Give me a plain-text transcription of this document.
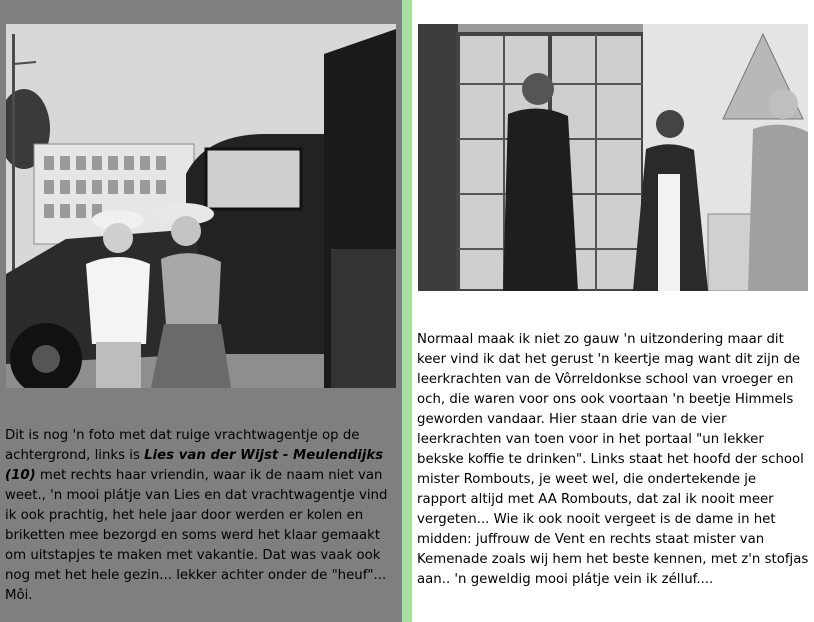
Dit is nog 'n foto met dat ruige vrachtwagentje op de achtergrond, links is Lies van der Wijst - Meulendijks (10) met rechts haar vriendin, waar ik de naam niet van weet., 'n mooi plátje van Lies en dat vrachtwagentje vind ik ook prachtig, het hele jaar door werden er kolen en briketten mee bezorgd en soms werd het klaar gemaakt om uitstapjes te maken met vakantie. Dat was vaak ook nog met het hele gezin... lekker achter onder de "heuf"... Môi.
Normaal maak ik niet zo gauw 'n uitzondering maar dit keer vind ik dat het gerust 'n keertje mag want dit zijn de leerkrachten van de Vôrreldonkse school van vroeger en och, die waren voor ons ook voortaan 'n beetje Himmels geworden vandaar. Hier staan drie van de vier leerkrachten van toen voor in het portaal "un lekker bekske koffie te drinken". Links staat het hoofd der school mister Rombouts, je weet wel, die ondertekende je rapport altijd met AA Rombouts, dat zal ik nooit meer vergeten... Wie ik ook nooit vergeet is de dame in het midden: juffrouw de Vent en rechts staat mister van Kemenade zoals wij hem het beste kennen, met z'n stofjas aan.. 'n geweldig mooi plátje vein ik zélluf....
